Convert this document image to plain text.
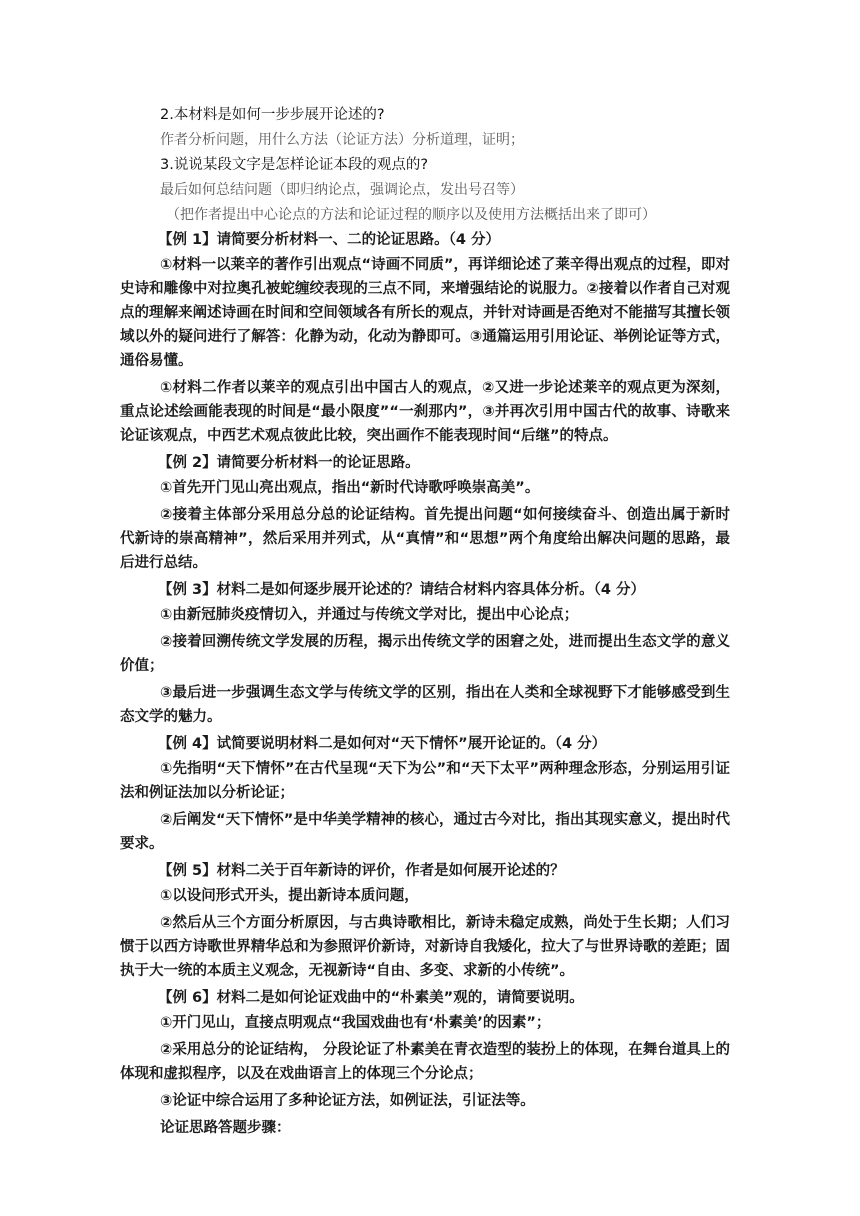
2.本材料是如何一步步展开论述的?

作者分析问题，用什么方法（论证方法）分析道理，证明；

3.说说某段文字是怎样论证本段的观点的?

最后如何总结问题（即归纳论点，强调论点，发出号召等）

（把作者提出中心论点的方法和论证过程的顺序以及使用方法概括出来了即可）

【例 1】请简要分析材料一、二的论证思路。（4 分）

①材料一以莱辛的著作引出观点“诗画不同质”，再详细论述了莱辛得出观点的过程，即对史诗和雕像中对拉奥孔被蛇缠绞表现的三点不同，来增强结论的说服力。②接着以作者自己对观点的理解来阐述诗画在时间和空间领域各有所长的观点，并针对诗画是否绝对不能描写其擅长领域以外的疑问进行了解答：化静为动，化动为静即可。③通篇运用引用论证、举例论证等方式，通俗易懂。

①材料二作者以莱辛的观点引出中国古人的观点，②又进一步论述莱辛的观点更为深刻，重点论述绘画能表现的时间是“最小限度”“一刹那内”，③并再次引用中国古代的故事、诗歌来论证该观点，中西艺术观点彼此比较，突出画作不能表现时间“后继”的特点。

【例 2】请简要分析材料一的论证思路。

①首先开门见山亮出观点，指出“新时代诗歌呼唤崇高美”。

②接着主体部分采用总分总的论证结构。首先提出问题“如何接续奋斗、创造出属于新时代新诗的崇高精神”，然后采用并列式，从“真情”和“思想”两个角度给出解决问题的思路，最后进行总结。

【例 3】材料二是如何逐步展开论述的？请结合材料内容具体分析。（4 分）

①由新冠肺炎疫情切入，并通过与传统文学对比，提出中心论点；

②接着回溯传统文学发展的历程，揭示出传统文学的困窘之处，进而提出生态文学的意义价值；

③最后进一步强调生态文学与传统文学的区别，指出在人类和全球视野下才能够感受到生态文学的魅力。

【例 4】试简要说明材料二是如何对“天下情怀”展开论证的。（4 分）

①先指明“天下情怀”在古代呈现“天下为公”和“天下太平”两种理念形态，分别运用引证法和例证法加以分析论证；

②后阐发“天下情怀”是中华美学精神的核心，通过古今对比，指出其现实意义，提出时代要求。

【例 5】材料二关于百年新诗的评价，作者是如何展开论述的？

①以设问形式开头，提出新诗本质问题，

②然后从三个方面分析原因，与古典诗歌相比，新诗未稳定成熟，尚处于生长期；人们习惯于以西方诗歌世界精华总和为参照评价新诗，对新诗自我矮化，拉大了与世界诗歌的差距；固执于大一统的本质主义观念，无视新诗“自由、多变、求新的小传统”。

【例 6】材料二是如何论证戏曲中的“朴素美”观的，请简要说明。

①开门见山，直接点明观点“我国戏曲也有‘朴素美’的因素”；

②采用总分的论证结构， 分段论证了朴素美在青衣造型的装扮上的体现，在舞台道具上的体现和虚拟程序，以及在戏曲语言上的体现三个分论点；

③论证中综合运用了多种论证方法，如例证法，引证法等。

论证思路答题步骤：
